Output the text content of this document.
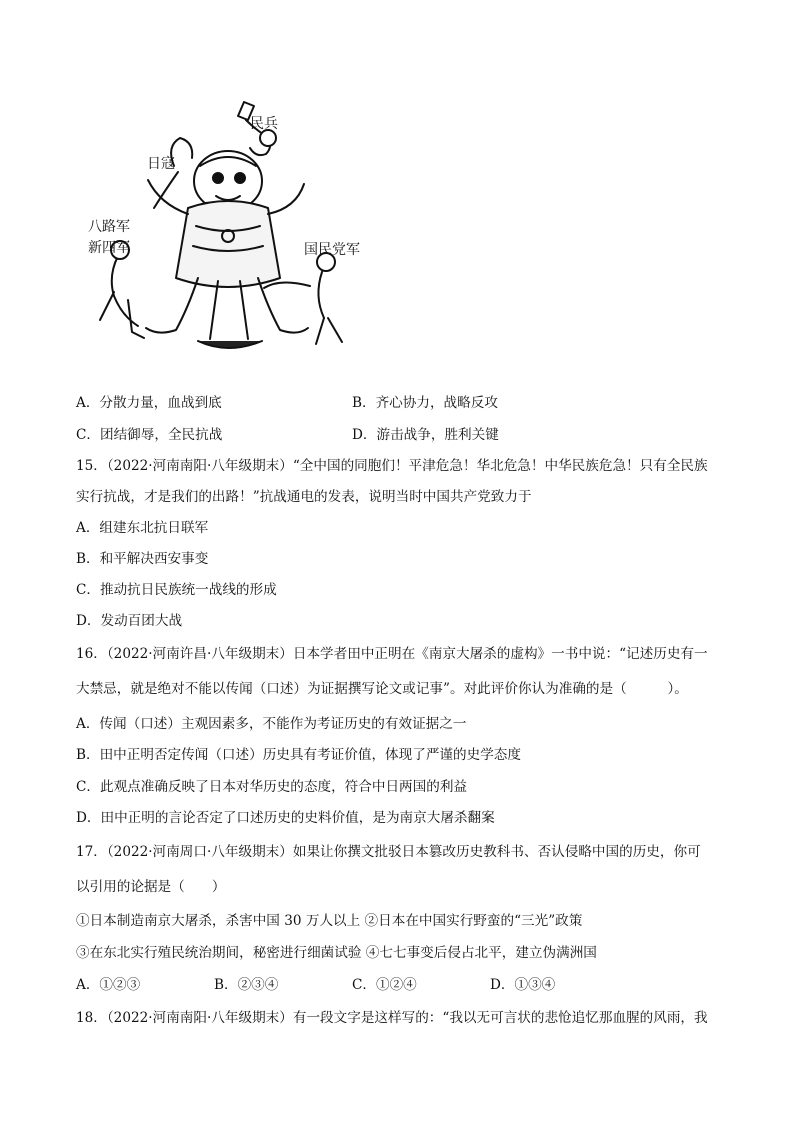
民兵
日寇
八路军
新四军	国民党军
A．分散力量，血战到底	B．齐心协力，战略反攻
C．团结御辱，全民抗战	D．游击战争，胜利关键
15．（2022·河南南阳·八年级期末）“全中国的同胞们！平津危急！华北危急！中华民族危急！只有全民族
实行抗战，才是我们的出路！”抗战通电的发表，说明当时中国共产党致力于
A．组建东北抗日联军
B．和平解决西安事变
C．推动抗日民族统一战线的形成
D．发动百团大战
16．（2022·河南许昌·八年级期末）日本学者田中正明在《南京大屠杀的虚构》一书中说：“记述历史有一
大禁忌，就是绝对不能以传闻（口述）为证据撰写论文或记事”。对此评价你认为准确的是（　　　）。
A．传闻（口述）主观因素多，不能作为考证历史的有效证据之一
B．田中正明否定传闻（口述）历史具有考证价值，体现了严谨的史学态度
C．此观点准确反映了日本对华历史的态度，符合中日两国的利益
D．田中正明的言论否定了口述历史的史料价值，是为南京大屠杀翻案
17．（2022·河南周口·八年级期末）如果让你撰文批驳日本篡改历史教科书、否认侵略中国的历史，你可
以引用的论据是（　　）
①日本制造南京大屠杀，杀害中国 30 万人以上 ②日本在中国实行野蛮的“三光”政策
③在东北实行殖民统治期间，秘密进行细菌试验 ④七七事变后侵占北平，建立伪满洲国
A．①②③	B．②③④	C．①②④	D．①③④
18．（2022·河南南阳·八年级期末）有一段文字是这样写的：“我以无可言状的悲怆追忆那血腥的风雨，我
